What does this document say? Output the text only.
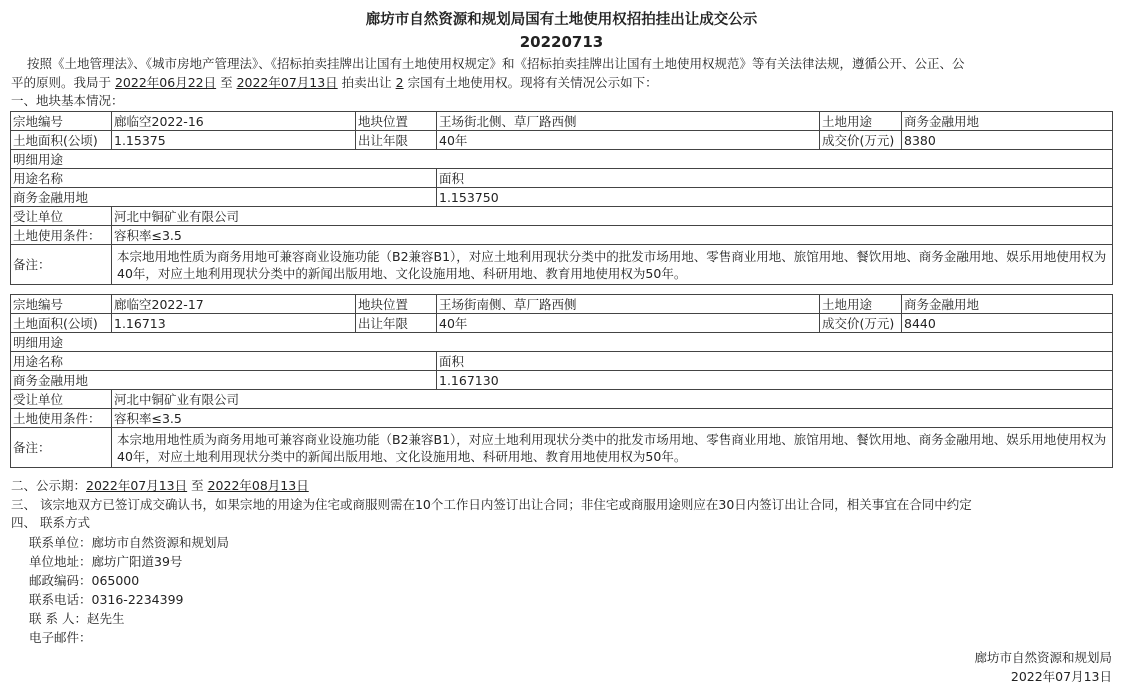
廊坊市自然资源和规划局国有土地使用权招拍挂出让成交公示
20220713
按照《土地管理法》、《城市房地产管理法》、《招标拍卖挂牌出让国有土地使用权规定》和《招标拍卖挂牌出让国有土地使用权规范》等有关法律法规，遵循公开、公正、公
平的原则。我局于 2022年06月22日 至 2022年07月13日 拍卖出让 2 宗国有土地使用权。现将有关情况公示如下：
一、地块基本情况：
宗地编号	廊临空2022-16	地块位置	王场街北侧、草厂路西侧	土地用途	商务金融用地
土地面积(公顷)	1.15375	出让年限	40年	成交价(万元)	8380
明细用途					
用途名称			面积		
商务金融用地			1.153750		
受让单位	河北中铜矿业有限公司				
土地使用条件：	容积率≤3.5				
备注：	本宗地用地性质为商务用地可兼容商业设施功能（B2兼容B1），对应土地利用现状分类中的批发市场用地、零售商业用地、旅馆用地、餐饮用地、商务金融用地、娱乐用地使用权为40年，对应土地利用现状分类中的新闻出版用地、文化设施用地、科研用地、教育用地使用权为50年。				
宗地编号	廊临空2022-17	地块位置	王场街南侧、草厂路西侧	土地用途	商务金融用地
土地面积(公顷)	1.16713	出让年限	40年	成交价(万元)	8440
明细用途					
用途名称			面积		
商务金融用地			1.167130		
受让单位	河北中铜矿业有限公司				
土地使用条件：	容积率≤3.5				
备注：	本宗地用地性质为商务用地可兼容商业设施功能（B2兼容B1），对应土地利用现状分类中的批发市场用地、零售商业用地、旅馆用地、餐饮用地、商务金融用地、娱乐用地使用权为40年，对应土地利用现状分类中的新闻出版用地、文化设施用地、科研用地、教育用地使用权为50年。				
二、公示期：2022年07月13日 至 2022年08月13日
三、 该宗地双方已签订成交确认书，如果宗地的用途为住宅或商服则需在10个工作日内签订出让合同；非住宅或商服用途则应在30日内签订出让合同，相关事宜在合同中约定
四、 联系方式
联系单位：廊坊市自然资源和规划局
单位地址：廊坊广阳道39号
邮政编码：065000
联系电话：0316-2234399
联 系 人：赵先生
电子邮件：
廊坊市自然资源和规划局
2022年07月13日
